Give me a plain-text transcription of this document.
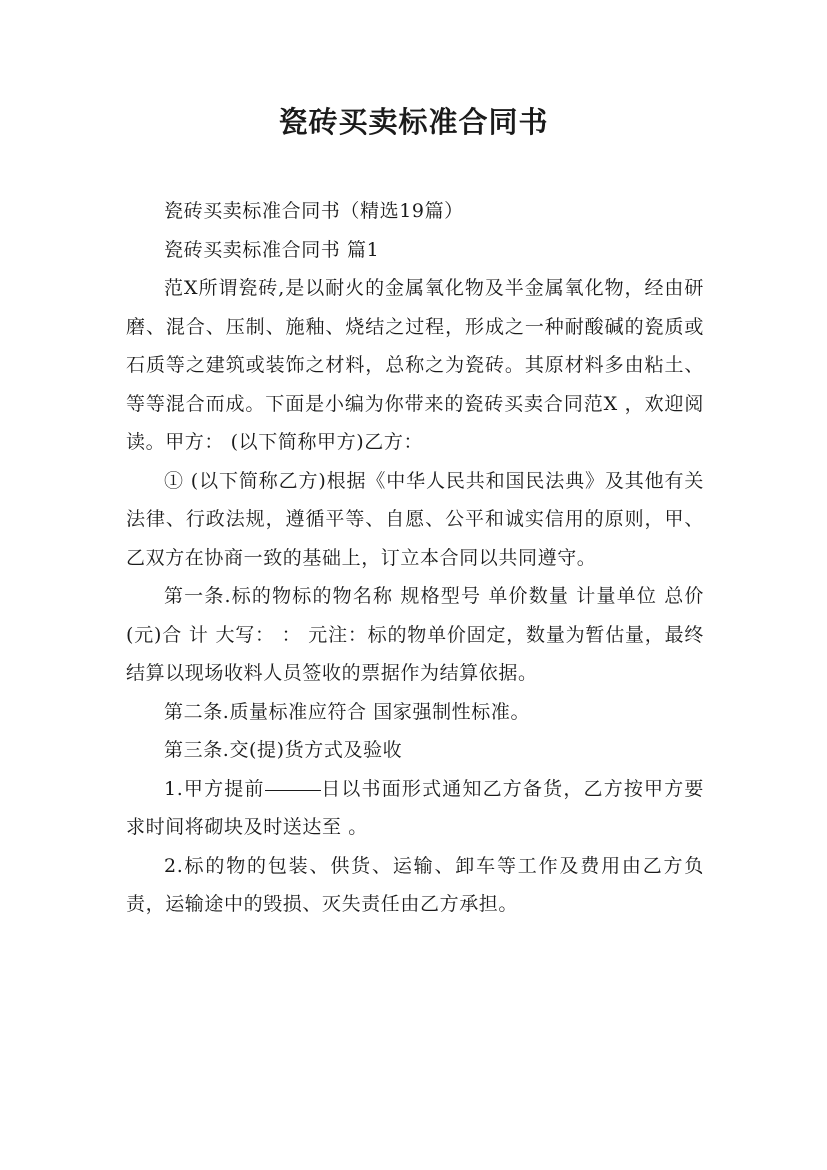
瓷砖买卖标准合同书

瓷砖买卖标准合同书（精选19篇）

瓷砖买卖标准合同书 篇1

范X所谓瓷砖,是以耐火的金属氧化物及半金属氧化物，经由研磨、混合、压制、施釉、烧结之过程，形成之一种耐酸碱的瓷质或石质等之建筑或装饰之材料，总称之为瓷砖。其原材料多由粘土、等等混合而成。下面是小编为你带来的瓷砖买卖合同范X ，欢迎阅读。甲方： (以下简称甲方)乙方：

① (以下简称乙方)根据《中华人民共和国民法典》及其他有关法律、行政法规，遵循平等、自愿、公平和诚实信用的原则，甲、乙双方在协商一致的基础上，订立本合同以共同遵守。

第一条.标的物标的物名称 规格型号 单价数量 计量单位 总价(元)合 计 大写： ： 元注：标的物单价固定，数量为暂估量，最终结算以现场收料人员签收的票据作为结算依据。

第二条.质量标准应符合 国家强制性标准。

第三条.交(提)货方式及验收

1.甲方提前	日以书面形式通知乙方备货，乙方按甲方要求时间将砌块及时送达至 。

2.标的物的包装、供货、运输、卸车等工作及费用由乙方负责，运输途中的毁损、灭失责任由乙方承担。
